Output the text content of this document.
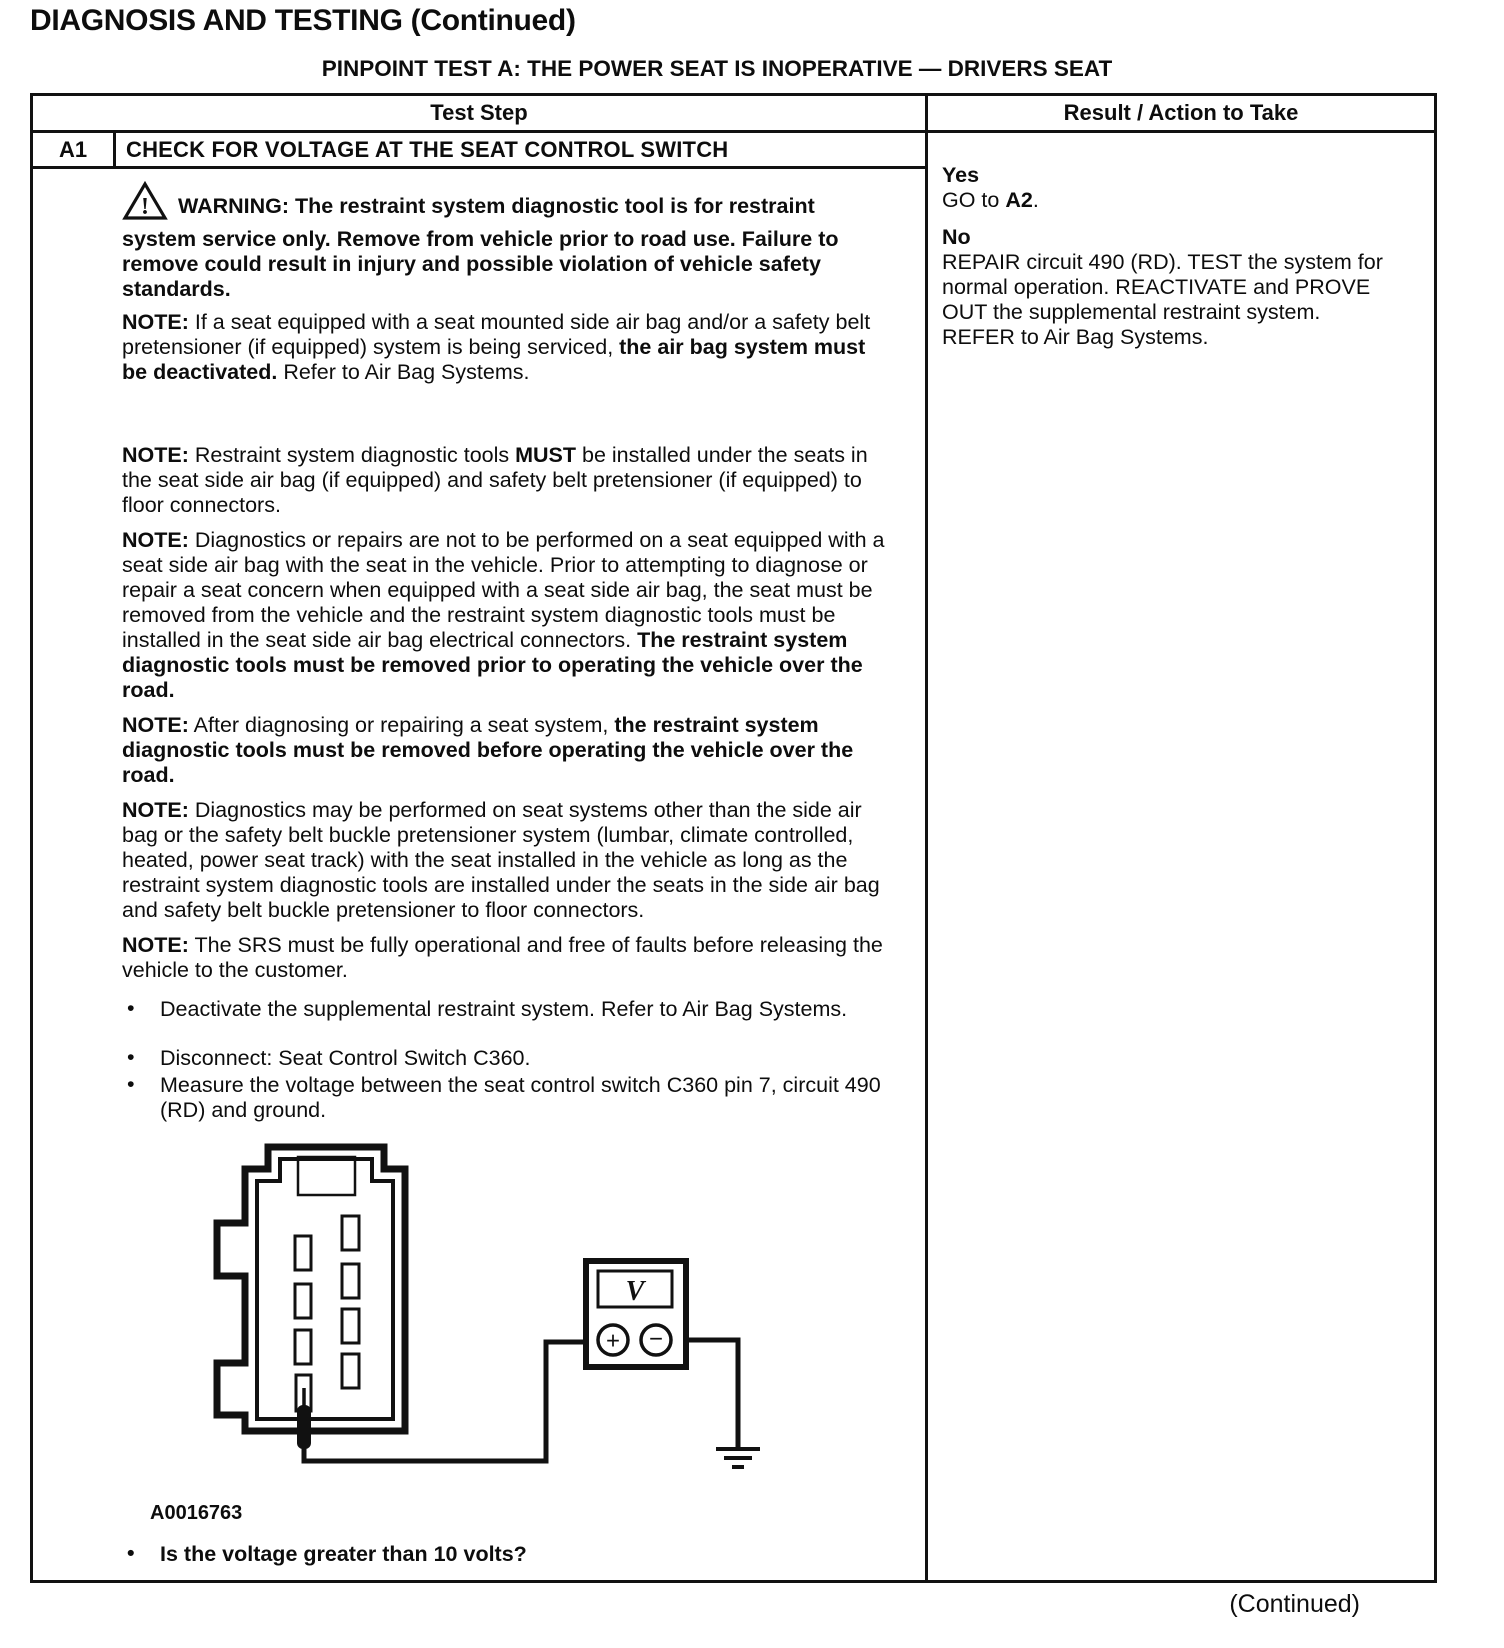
DIAGNOSIS AND TESTING (Continued)
PINPOINT TEST A: THE POWER SEAT IS INOPERATIVE — DRIVERS SEAT
Test Step	Result / Action to Take
A1	CHECK FOR VOLTAGE AT THE SEAT CONTROL SWITCH

! WARNING: The restraint system diagnostic tool is for restraint system service only. Remove from vehicle prior to road use. Failure to remove could result in injury and possible violation of vehicle safety standards.

NOTE: If a seat equipped with a seat mounted side air bag and/or a safety belt pretensioner (if equipped) system is being serviced, the air bag system must be deactivated. Refer to Air Bag Systems.

NOTE: Restraint system diagnostic tools MUST be installed under the seats in the seat side air bag (if equipped) and safety belt pretensioner (if equipped) to floor connectors.

NOTE: Diagnostics or repairs are not to be performed on a seat equipped with a seat side air bag with the seat in the vehicle. Prior to attempting to diagnose or repair a seat concern when equipped with a seat side air bag, the seat must be removed from the vehicle and the restraint system diagnostic tools must be installed in the seat side air bag electrical connectors. The restraint system diagnostic tools must be removed prior to operating the vehicle over the road.

NOTE: After diagnosing or repairing a seat system, the restraint system diagnostic tools must be removed before operating the vehicle over the road.

NOTE: Diagnostics may be performed on seat systems other than the side air bag or the safety belt buckle pretensioner system (lumbar, climate controlled, heated, power seat track) with the seat installed in the vehicle as long as the restraint system diagnostic tools are installed under the seats in the side air bag and safety belt buckle pretensioner to floor connectors.

NOTE: The SRS must be fully operational and free of faults before releasing the vehicle to the customer.

• Deactivate the supplemental restraint system. Refer to Air Bag Systems.
• Disconnect: Seat Control Switch C360.
• Measure the voltage between the seat control switch C360 pin 7, circuit 490 (RD) and ground.
V
+ −
A0016763
• Is the voltage greater than 10 volts?
Yes
GO to A2.
No
REPAIR circuit 490 (RD). TEST the system for normal operation. REACTIVATE and PROVE OUT the supplemental restraint system. REFER to Air Bag Systems.
(Continued)
